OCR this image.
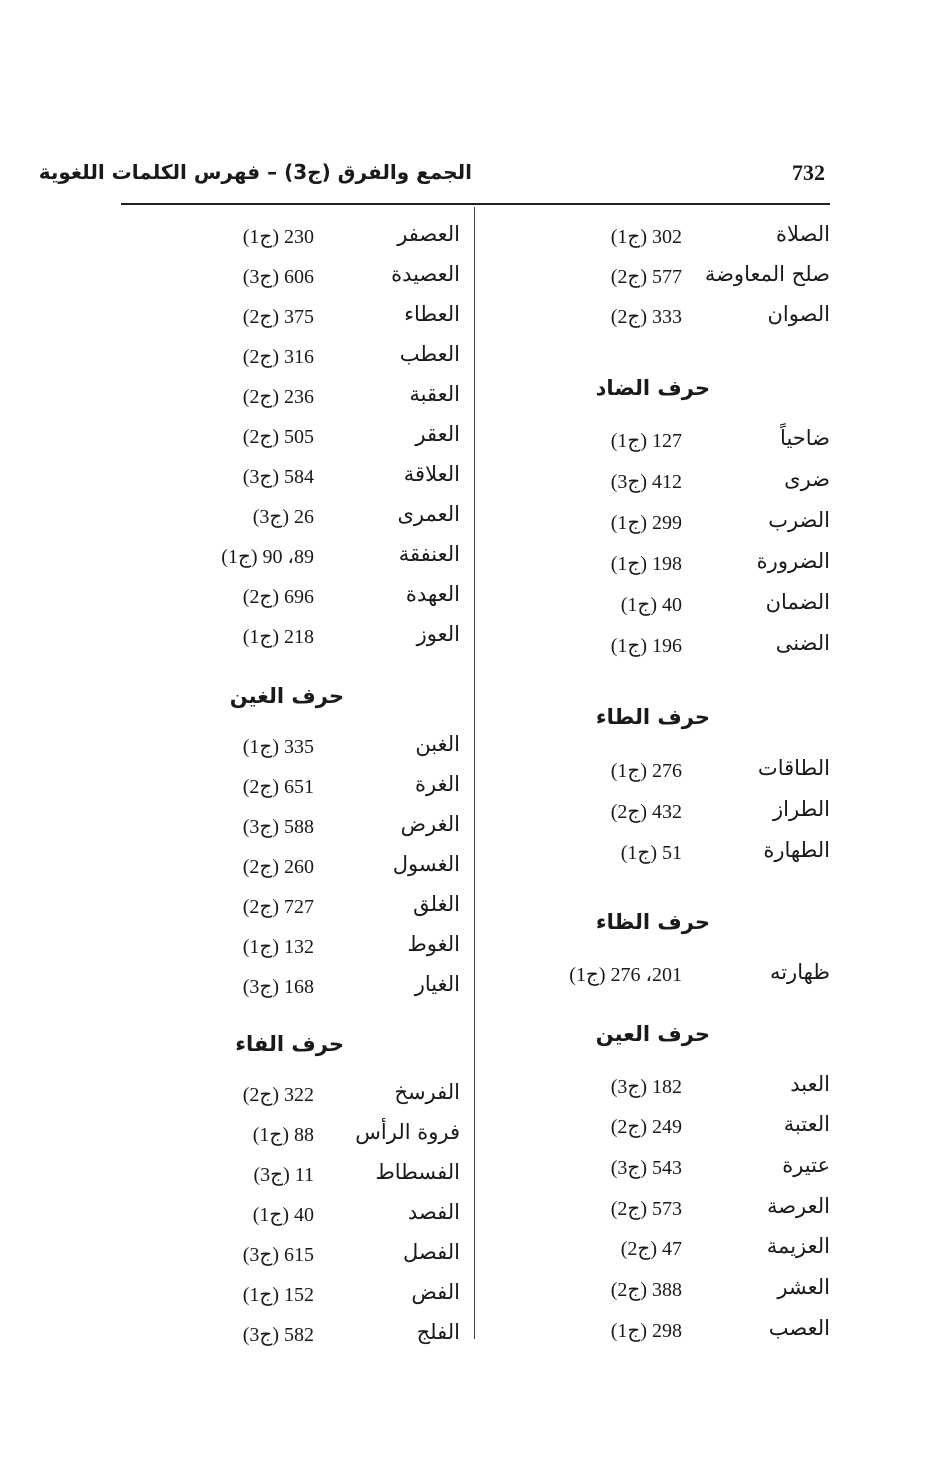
732
الجمع والفرق (ج3) – فهرس الكلمات اللغوية
الصلاة
(ج1) 302
صلح المعاوضة
(ج2) 577
الصوان
(ج2) 333
حرف الضاد
ضاحياً
(ج1) 127
ضرى
(ج3) 412
الضرب
(ج1) 299
الضرورة
(ج1) 198
الضمان
(ج1) 40
الضنى
(ج1) 196
حرف الطاء
الطاقات
(ج1) 276
الطراز
(ج2) 432
الطهارة
(ج1) 51
حرف الظاء
ظهارته
(ج1) 201، 276
حرف العين
العبد
(ج3) 182
العتبة
(ج2) 249
عتيرة
(ج3) 543
العرصة
(ج2) 573
العزيمة
(ج2) 47
العشر
(ج2) 388
العصب
(ج1) 298
العصفر
(ج1) 230
العصيدة
(ج3) 606
العطاء
(ج2) 375
العطب
(ج2) 316
العقبة
(ج2) 236
العقر
(ج2) 505
العلاقة
(ج3) 584
العمرى
(ج3) 26
العنفقة
(ج1) 89، 90
العهدة
(ج2) 696
العوز
(ج1) 218
حرف الغين
الغبن
(ج1) 335
الغرة
(ج2) 651
الغرض
(ج3) 588
الغسول
(ج2) 260
الغلق
(ج2) 727
الغوط
(ج1) 132
الغيار
(ج3) 168
حرف الفاء
الفرسخ
(ج2) 322
فروة الرأس
(ج1) 88
الفسطاط
(ج3) 11
الفصد
(ج1) 40
الفصل
(ج3) 615
الفض
(ج1) 152
الفلج
(ج3) 582
